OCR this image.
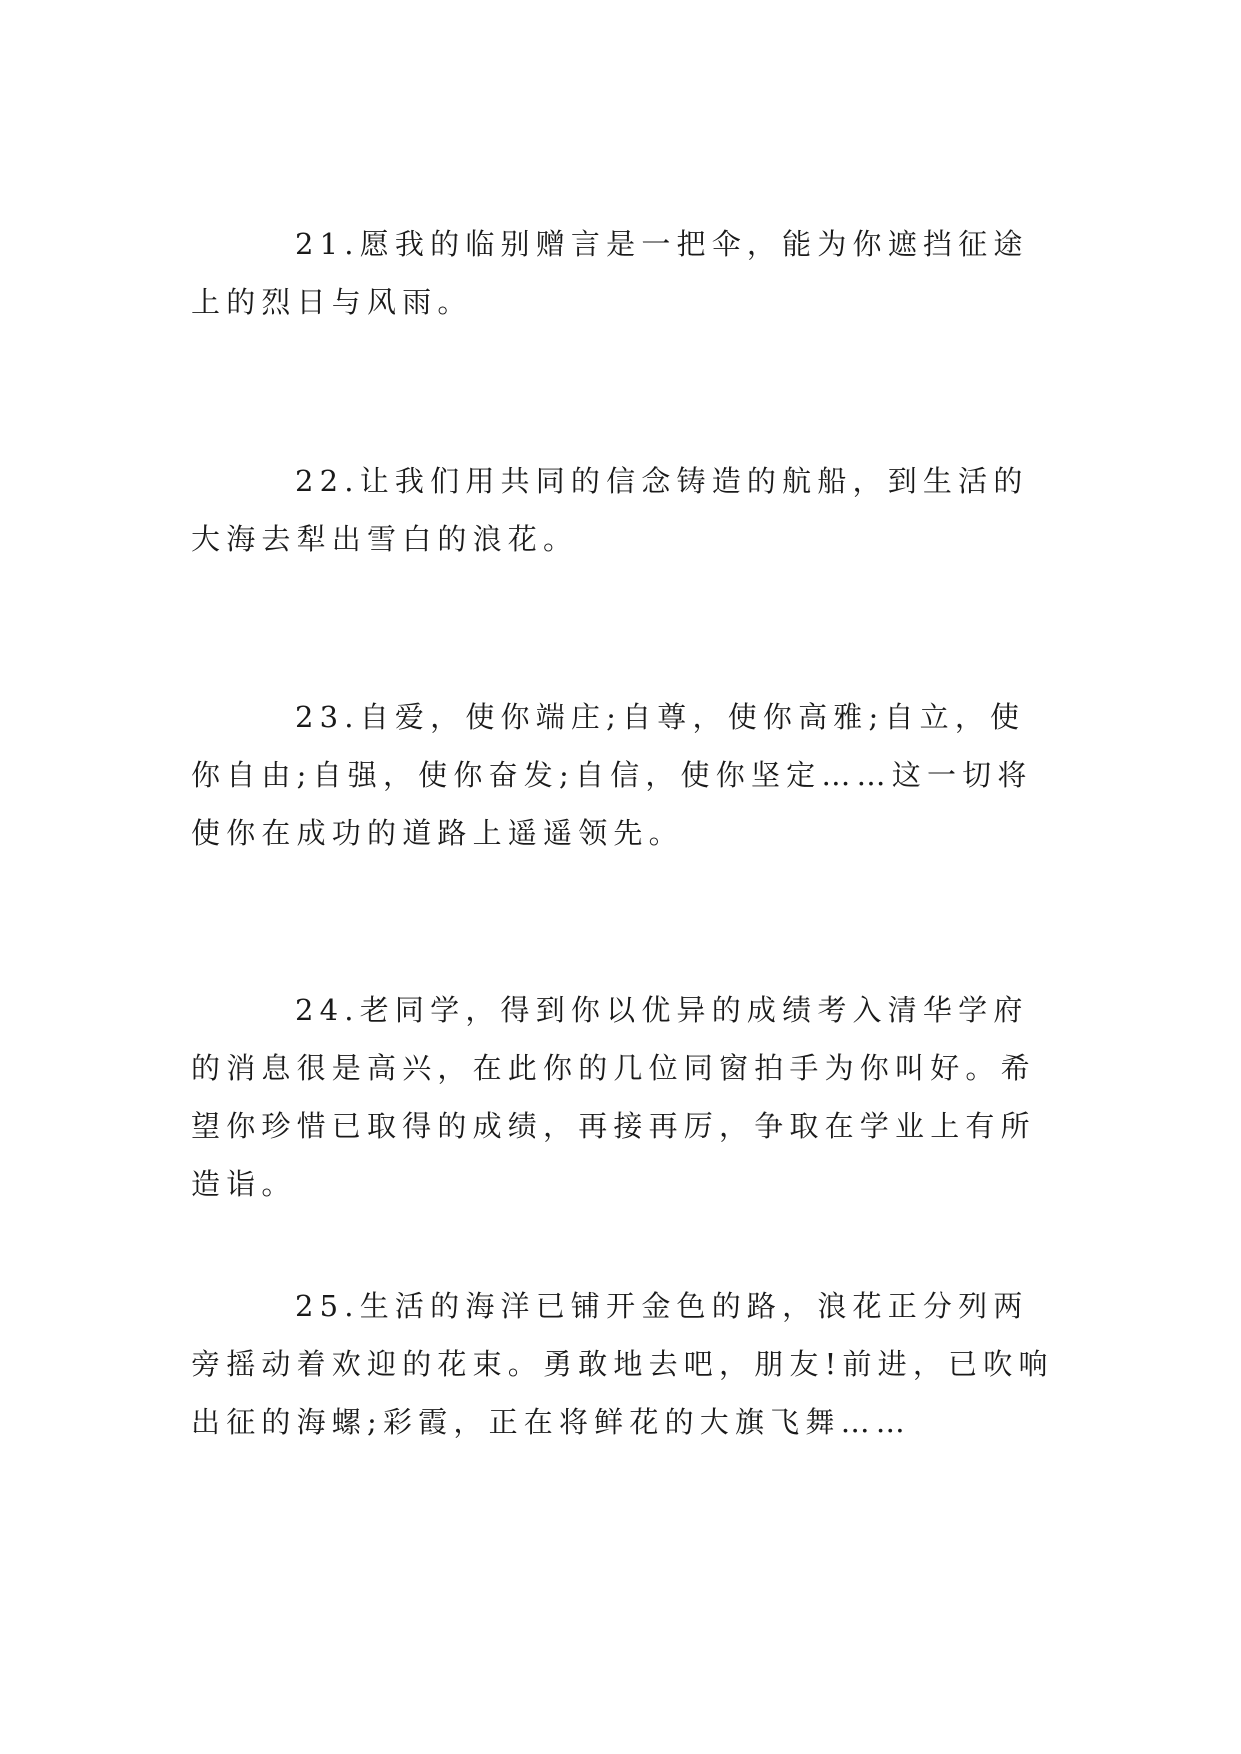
21.愿我的临别赠言是一把伞，能为你遮挡征途上的烈日与风雨。

22.让我们用共同的信念铸造的航船，到生活的大海去犁出雪白的浪花。

23.自爱，使你端庄;自尊，使你高雅;自立，使你自由;自强，使你奋发;自信，使你坚定……这一切将使你在成功的道路上遥遥领先。

24.老同学，得到你以优异的成绩考入清华学府的消息很是高兴，在此你的几位同窗拍手为你叫好。希望你珍惜已取得的成绩，再接再厉，争取在学业上有所造诣。

25.生活的海洋已铺开金色的路，浪花正分列两旁摇动着欢迎的花束。勇敢地去吧，朋友!前进，已吹响出征的海螺;彩霞，正在将鲜花的大旗飞舞……
